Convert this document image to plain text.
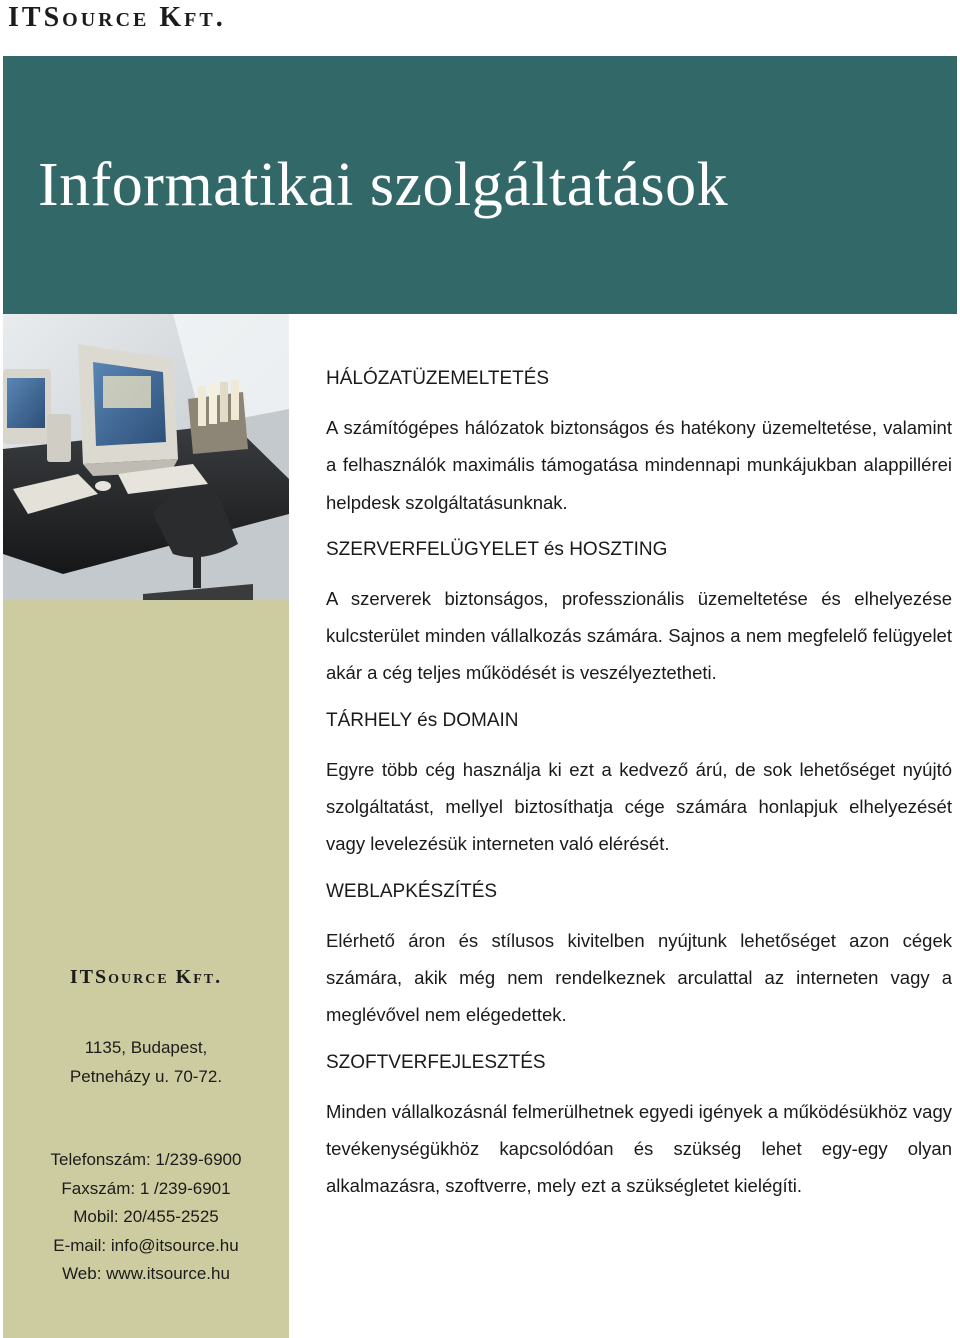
ITSource Kft.
Informatikai szolgáltatások
ITSource Kft.
1135, Budapest,
Petneházy u. 70-72.
Telefonszám: 1/239-6900
Faxszám: 1 /239-6901
Mobil: 20/455-2525
E-mail: info@itsource.hu
Web: www.itsource.hu
HÁLÓZATÜZEMELTETÉS

A számítógépes hálózatok biztonságos és hatékony üzemeltetése, valamint a felhasználók maximális támogatása mindennapi munkájukban alappillérei helpdesk szolgáltatásunknak.

SZERVERFELÜGYELET és HOSZTING

A szerverek biztonságos, professzionális üzemeltetése és elhelyezése kulcsterület minden vállalkozás számára. Sajnos a nem megfelelő felügyelet akár a cég teljes működését is veszélyeztetheti.

TÁRHELY és DOMAIN

Egyre több cég használja ki ezt a kedvező árú, de sok lehetőséget nyújtó szolgáltatást, mellyel biztosíthatja cége számára honlapjuk elhelyezését vagy levelezésük interneten való elérését.

WEBLAPKÉSZÍTÉS

Elérhető áron és stílusos kivitelben nyújtunk lehetőséget azon cégek számára, akik még nem rendelkeznek arculattal az interneten vagy a meglévővel nem elégedettek.

SZOFTVERFEJLESZTÉS

Minden vállalkozásnál felmerülhetnek egyedi igények a működésükhöz vagy tevékenységükhöz kapcsolódóan és szükség lehet egy-egy olyan alkalmazásra, szoftverre, mely ezt a szükségletet kielégíti.
